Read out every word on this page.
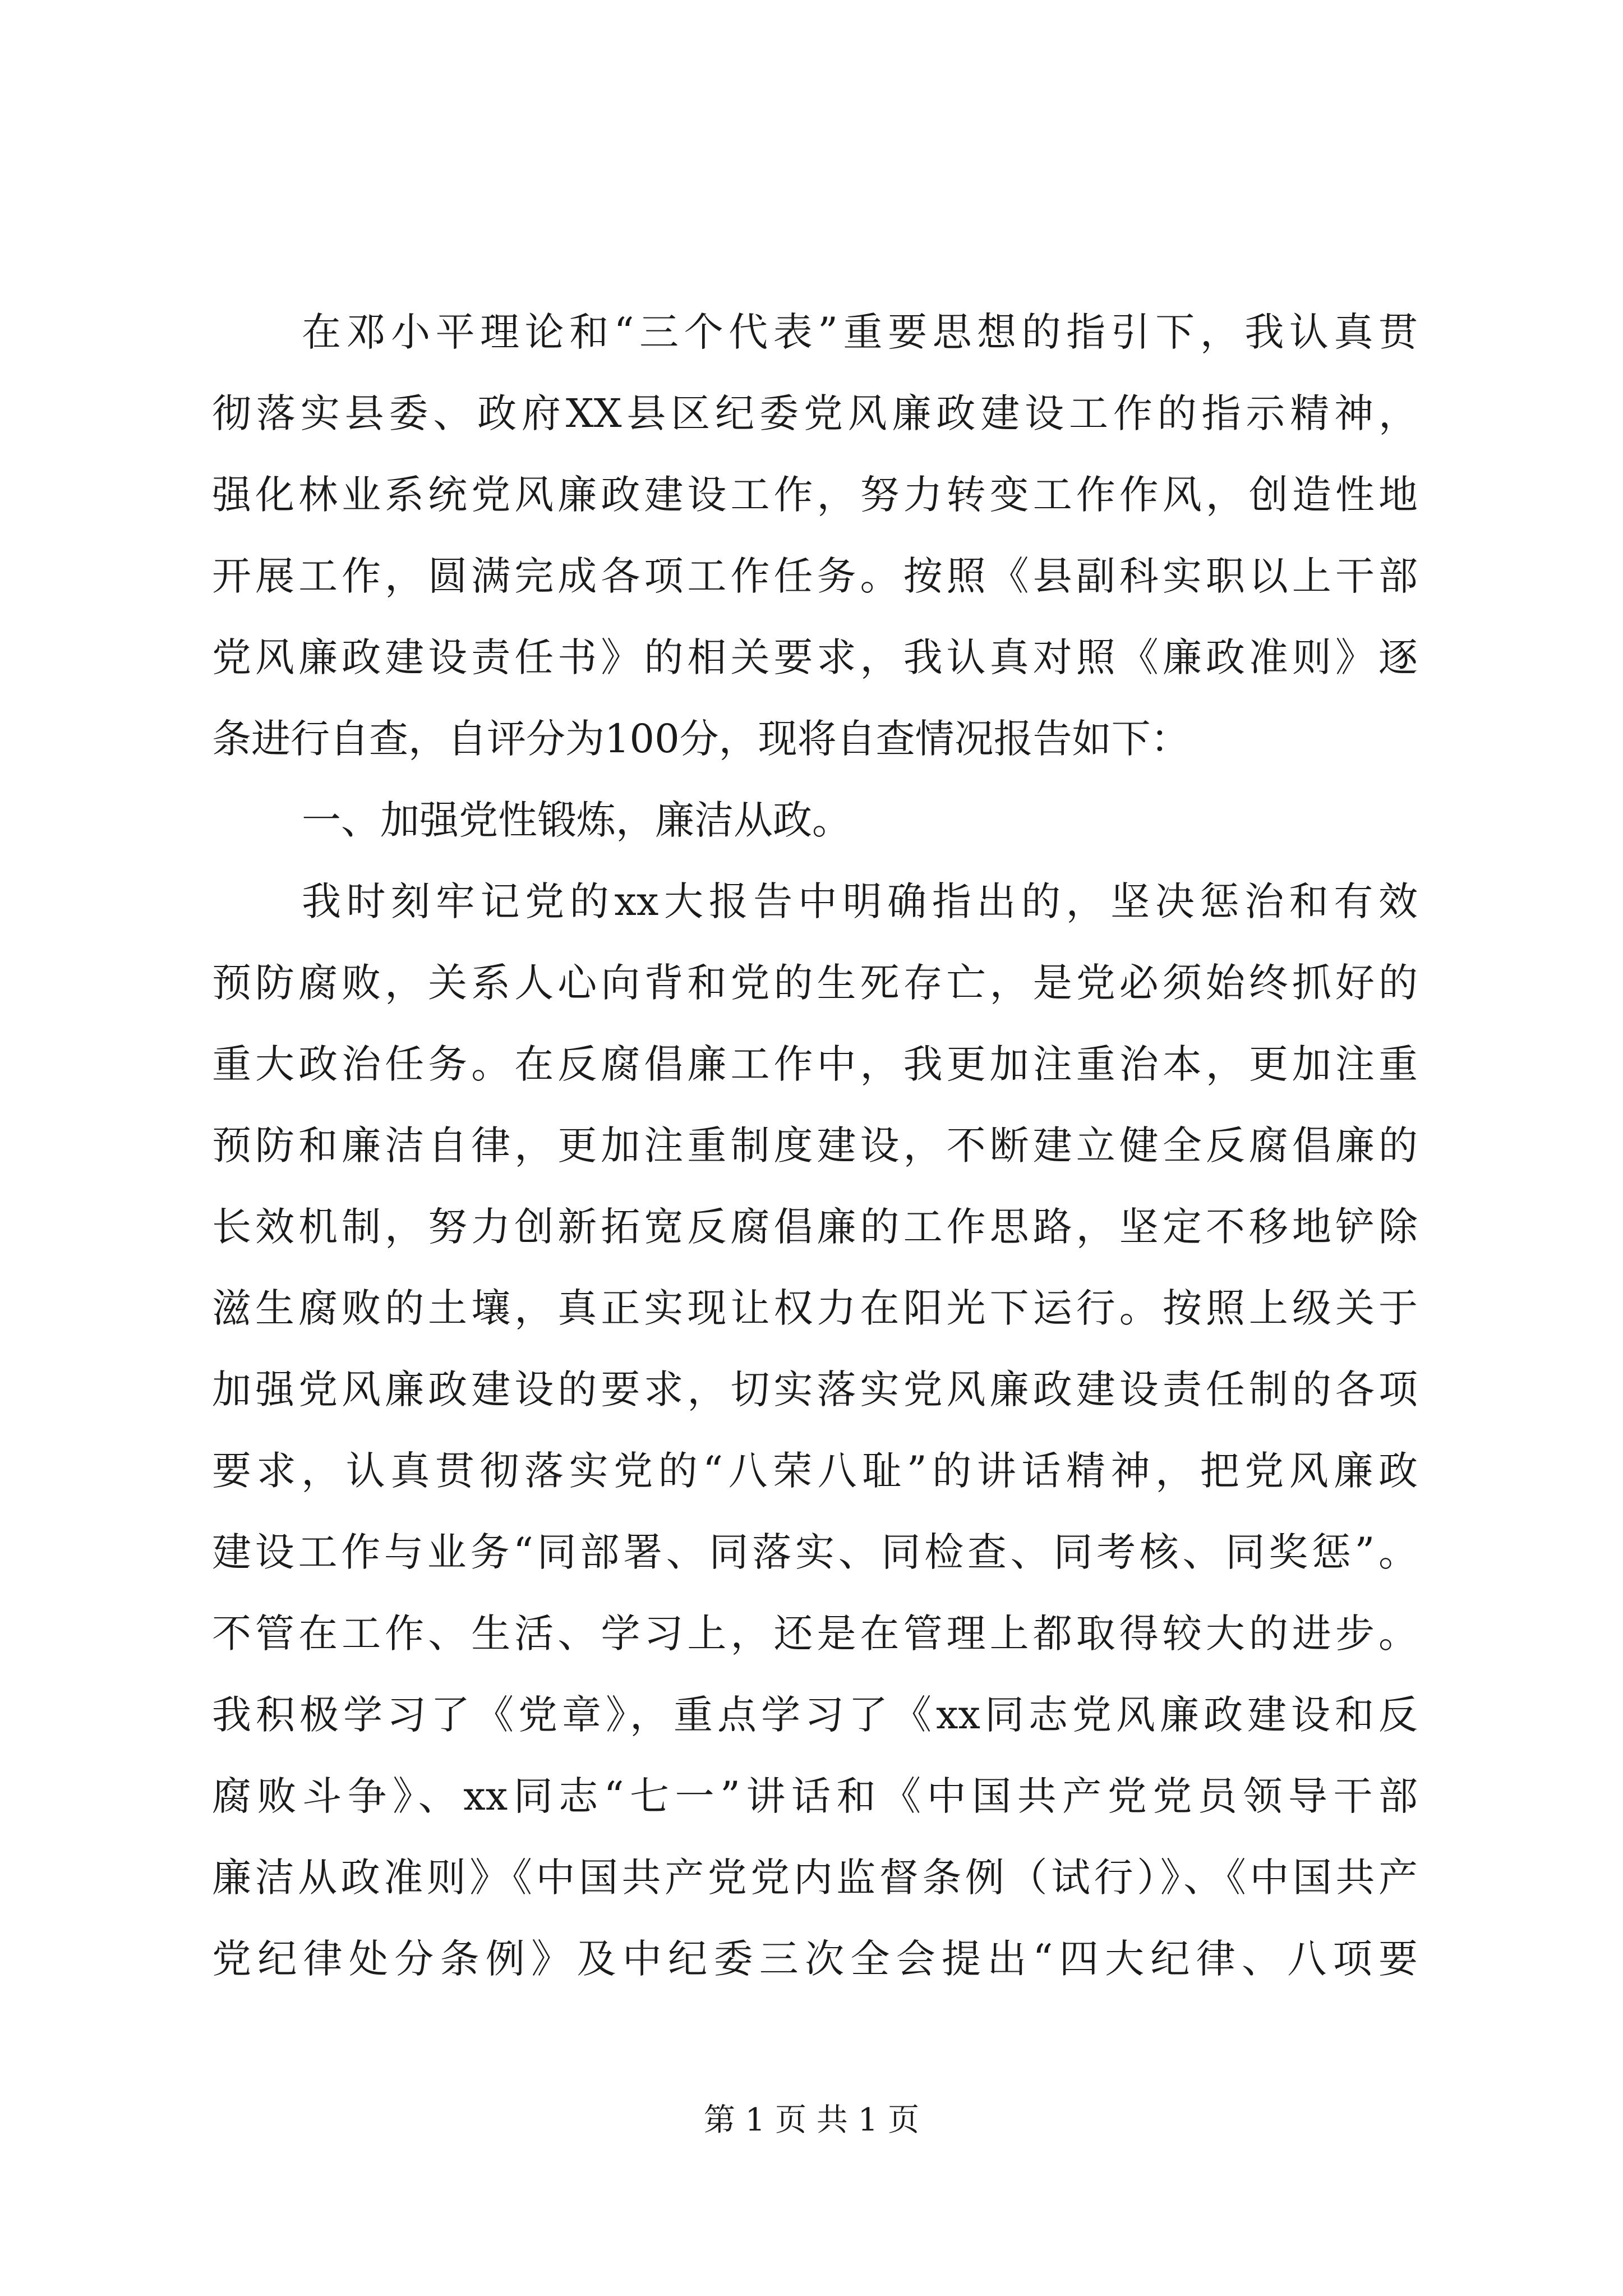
在邓小平理论和“三个代表”重要思想的指引下，我认真贯
彻落实县委、政府XX县区纪委党风廉政建设工作的指示精神，
强化林业系统党风廉政建设工作，努力转变工作作风，创造性地
开展工作，圆满完成各项工作任务。按照《县副科实职以上干部
党风廉政建设责任书》的相关要求，我认真对照《廉政准则》逐
条进行自查，自评分为100分，现将自查情况报告如下：
一、加强党性锻炼，廉洁从政。
我时刻牢记党的xx大报告中明确指出的，坚决惩治和有效
预防腐败，关系人心向背和党的生死存亡，是党必须始终抓好的
重大政治任务。在反腐倡廉工作中，我更加注重治本，更加注重
预防和廉洁自律，更加注重制度建设，不断建立健全反腐倡廉的
长效机制，努力创新拓宽反腐倡廉的工作思路，坚定不移地铲除
滋生腐败的土壤，真正实现让权力在阳光下运行。按照上级关于
加强党风廉政建设的要求，切实落实党风廉政建设责任制的各项
要求，认真贯彻落实党的“八荣八耻”的讲话精神，把党风廉政
建设工作与业务“同部署、同落实、同检查、同考核、同奖惩”。
不管在工作、生活、学习上，还是在管理上都取得较大的进步。
我积极学习了《党章》，重点学习了《xx同志党风廉政建设和反
腐败斗争》、xx同志“七一”讲话和《中国共产党党员领导干部
廉洁从政准则》《中国共产党党内监督条例（试行）》、《中国共产
党纪律处分条例》及中纪委三次全会提出“四大纪律、八项要
第 1 页 共 1 页
